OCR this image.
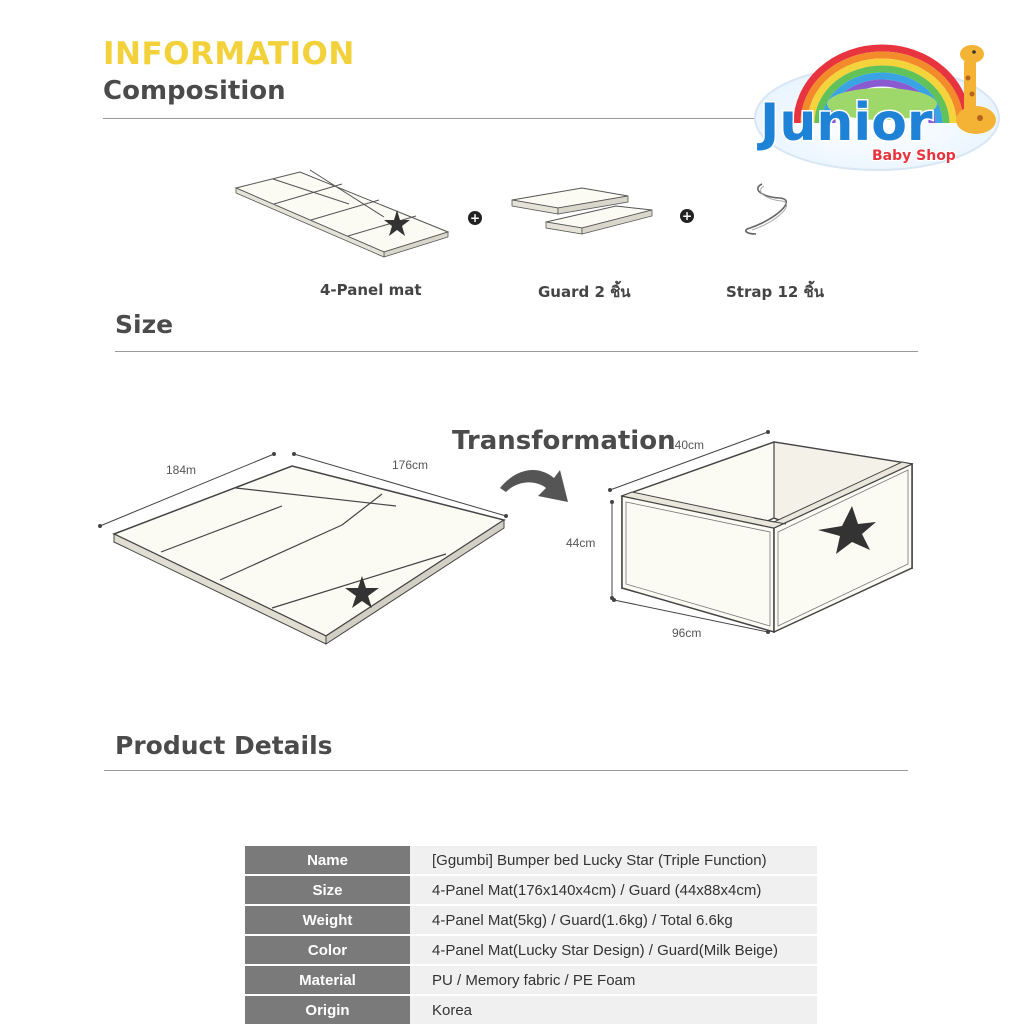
INFORMATION
Composition
Junior
Baby Shop
+	+
4-Panel mat	Guard 2 ชิ้น	Strap 12 ชิ้น
Size
184m	176cm
Transformation
140cm
44cm
96cm
Product Details
Name	[Ggumbi] Bumper bed Lucky Star (Triple Function)
Size	4-Panel Mat(176x140x4cm) / Guard (44x88x4cm)
Weight	4-Panel Mat(5kg) / Guard(1.6kg) / Total 6.6kg
Color	4-Panel Mat(Lucky Star Design) / Guard(Milk Beige)
Material	PU / Memory fabric / PE Foam
Origin	Korea
